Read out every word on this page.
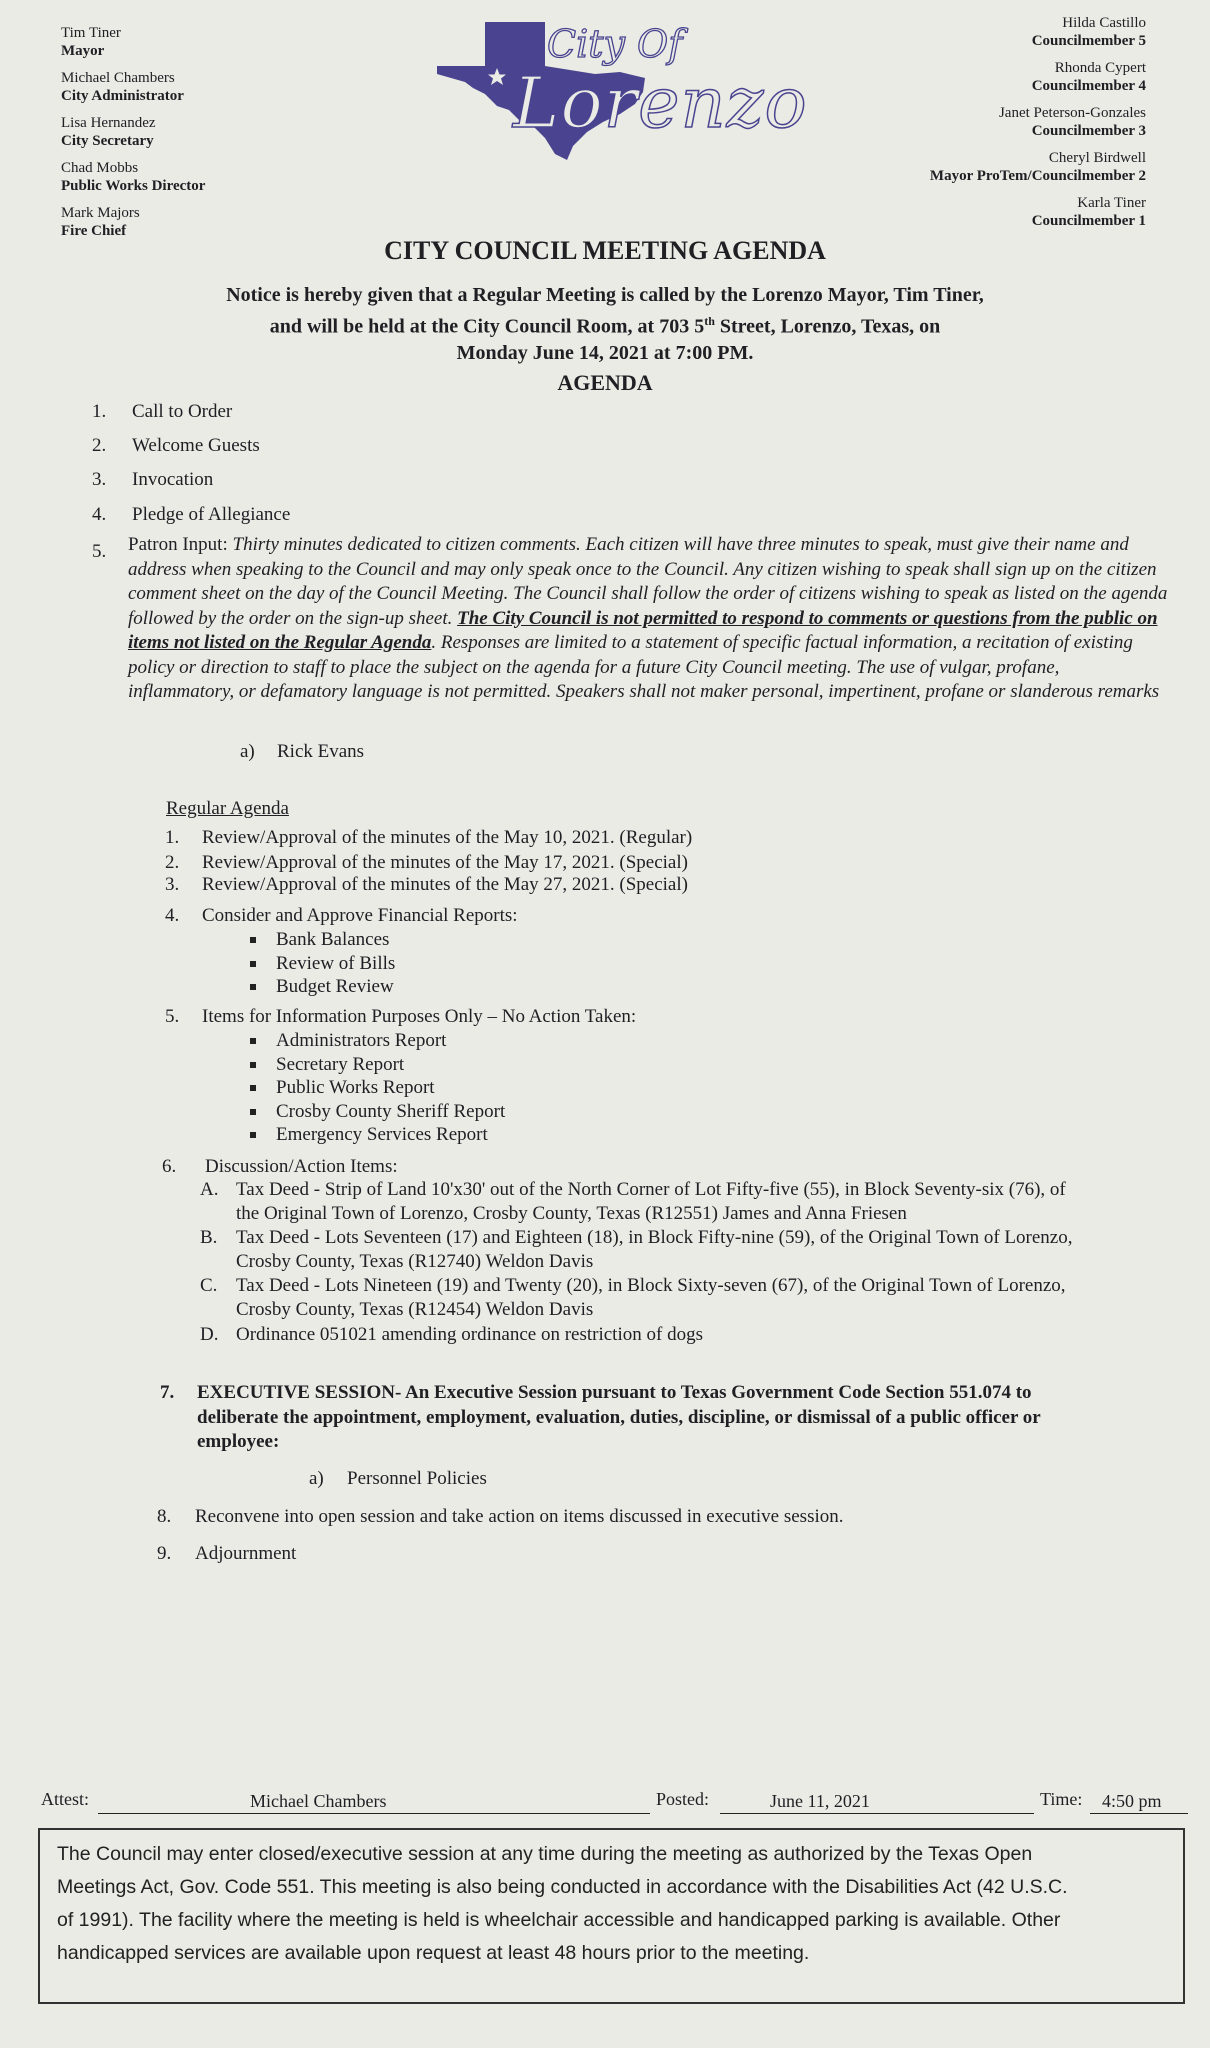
Tim Tiner
Mayor
Michael Chambers
City Administrator
Lisa Hernandez
City Secretary
Chad Mobbs
Public Works Director
Mark Majors
Fire Chief
City Of
Lorenzo
Hilda Castillo
Councilmember 5
Rhonda Cypert
Councilmember 4
Janet Peterson-Gonzales
Councilmember 3
Cheryl Birdwell
Mayor ProTem/Councilmember 2
Karla Tiner
Councilmember 1
CITY COUNCIL MEETING AGENDA
Notice is hereby given that a Regular Meeting is called by the Lorenzo Mayor, Tim Tiner,
and will be held at the City Council Room, at 703 5th Street, Lorenzo, Texas, on
Monday June 14, 2021 at 7:00 PM.
AGENDA
1. Call to Order
2. Welcome Guests
3. Invocation
4. Pledge of Allegiance
5. Patron Input: Thirty minutes dedicated to citizen comments. Each citizen will have three minutes to speak, must give their name and address when speaking to the Council and may only speak once to the Council. Any citizen wishing to speak shall sign up on the citizen comment sheet on the day of the Council Meeting. The Council shall follow the order of citizens wishing to speak as listed on the agenda followed by the order on the sign-up sheet. The City Council is not permitted to respond to comments or questions from the public on items not listed on the Regular Agenda. Responses are limited to a statement of specific factual information, a recitation of existing policy or direction to staff to place the subject on the agenda for a future City Council meeting. The use of vulgar, profane, inflammatory, or defamatory language is not permitted. Speakers shall not maker personal, impertinent, profane or slanderous remarks
a) Rick Evans
Regular Agenda
1. Review/Approval of the minutes of the May 10, 2021. (Regular)
2. Review/Approval of the minutes of the May 17, 2021. (Special)
3. Review/Approval of the minutes of the May 27, 2021. (Special)
4. Consider and Approve Financial Reports:
Bank Balances
Review of Bills
Budget Review
5. Items for Information Purposes Only – No Action Taken:
Administrators Report
Secretary Report
Public Works Report
Crosby County Sheriff Report
Emergency Services Report
6. Discussion/Action Items:
A. Tax Deed - Strip of Land 10'x30' out of the North Corner of Lot Fifty-five (55), in Block Seventy-six (76), of
the Original Town of Lorenzo, Crosby County, Texas (R12551) James and Anna Friesen
B. Tax Deed - Lots Seventeen (17) and Eighteen (18), in Block Fifty-nine (59), of the Original Town of Lorenzo,
Crosby County, Texas (R12740) Weldon Davis
C. Tax Deed - Lots Nineteen (19) and Twenty (20), in Block Sixty-seven (67), of the Original Town of Lorenzo,
Crosby County, Texas (R12454) Weldon Davis
D. Ordinance 051021 amending ordinance on restriction of dogs
7. EXECUTIVE SESSION- An Executive Session pursuant to Texas Government Code Section 551.074 to
deliberate the appointment, employment, evaluation, duties, discipline, or dismissal of a public officer or
employee:
a) Personnel Policies
8. Reconvene into open session and take action on items discussed in executive session.
9. Adjournment
Attest:	Michael Chambers	Posted:	June 11, 2021	Time: 4:50 pm
The Council may enter closed/executive session at any time during the meeting as authorized by the Texas Open
Meetings Act, Gov. Code 551. This meeting is also being conducted in accordance with the Disabilities Act (42 U.S.C.
of 1991). The facility where the meeting is held is wheelchair accessible and handicapped parking is available. Other
handicapped services are available upon request at least 48 hours prior to the meeting.
